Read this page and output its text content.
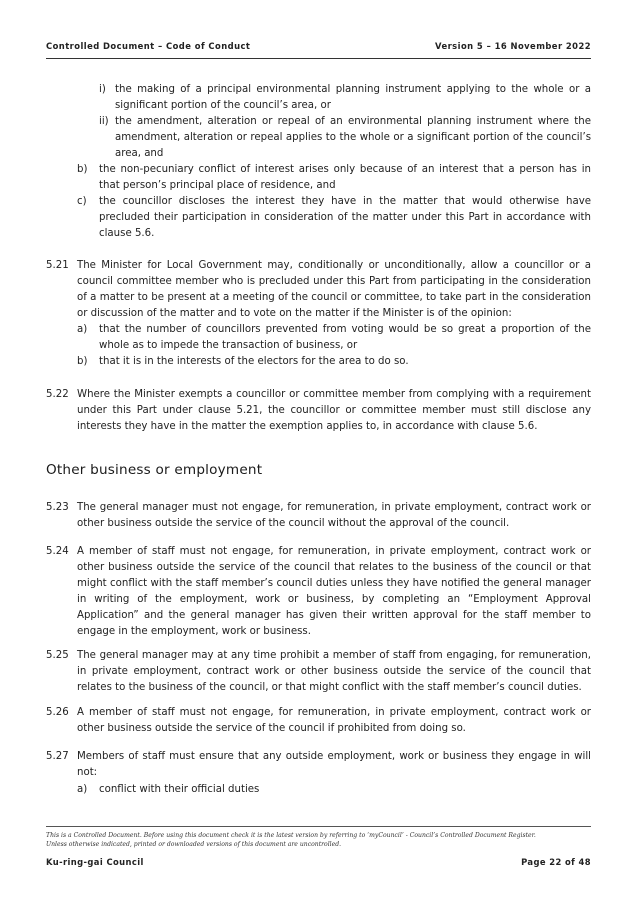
Controlled Document – Code of Conduct	Version 5 – 16 November 2022
i) the making of a principal environmental planning instrument applying to the whole or a significant portion of the council’s area, or
ii) the amendment, alteration or repeal of an environmental planning instrument where the amendment, alteration or repeal applies to the whole or a significant portion of the council’s area, and
b) the non-pecuniary conflict of interest arises only because of an interest that a person has in that person’s principal place of residence, and
c) the councillor discloses the interest they have in the matter that would otherwise have precluded their participation in consideration of the matter under this Part in accordance with clause 5.6.
5.21 The Minister for Local Government may, conditionally or unconditionally, allow a councillor or a council committee member who is precluded under this Part from participating in the consideration of a matter to be present at a meeting of the council or committee, to take part in the consideration or discussion of the matter and to vote on the matter if the Minister is of the opinion:
a) that the number of councillors prevented from voting would be so great a proportion of the whole as to impede the transaction of business, or
b) that it is in the interests of the electors for the area to do so.
5.22 Where the Minister exempts a councillor or committee member from complying with a requirement under this Part under clause 5.21, the councillor or committee member must still disclose any interests they have in the matter the exemption applies to, in accordance with clause 5.6.
Other business or employment
5.23 The general manager must not engage, for remuneration, in private employment, contract work or other business outside the service of the council without the approval of the council.
5.24 A member of staff must not engage, for remuneration, in private employment, contract work or other business outside the service of the council that relates to the business of the council or that might conflict with the staff member’s council duties unless they have notified the general manager in writing of the employment, work or business, by completing an “Employment Approval Application” and the general manager has given their written approval for the staff member to engage in the employment, work or business.
5.25 The general manager may at any time prohibit a member of staff from engaging, for remuneration, in private employment, contract work or other business outside the service of the council that relates to the business of the council, or that might conflict with the staff member’s council duties.
5.26 A member of staff must not engage, for remuneration, in private employment, contract work or other business outside the service of the council if prohibited from doing so.
5.27 Members of staff must ensure that any outside employment, work or business they engage in will not:
a) conflict with their official duties
This is a Controlled Document. Before using this document check it is the latest version by referring to ‘myCouncil’ - Council’s Controlled Document Register.
Unless otherwise indicated, printed or downloaded versions of this document are uncontrolled.
Ku-ring-gai Council	Page 22 of 48
